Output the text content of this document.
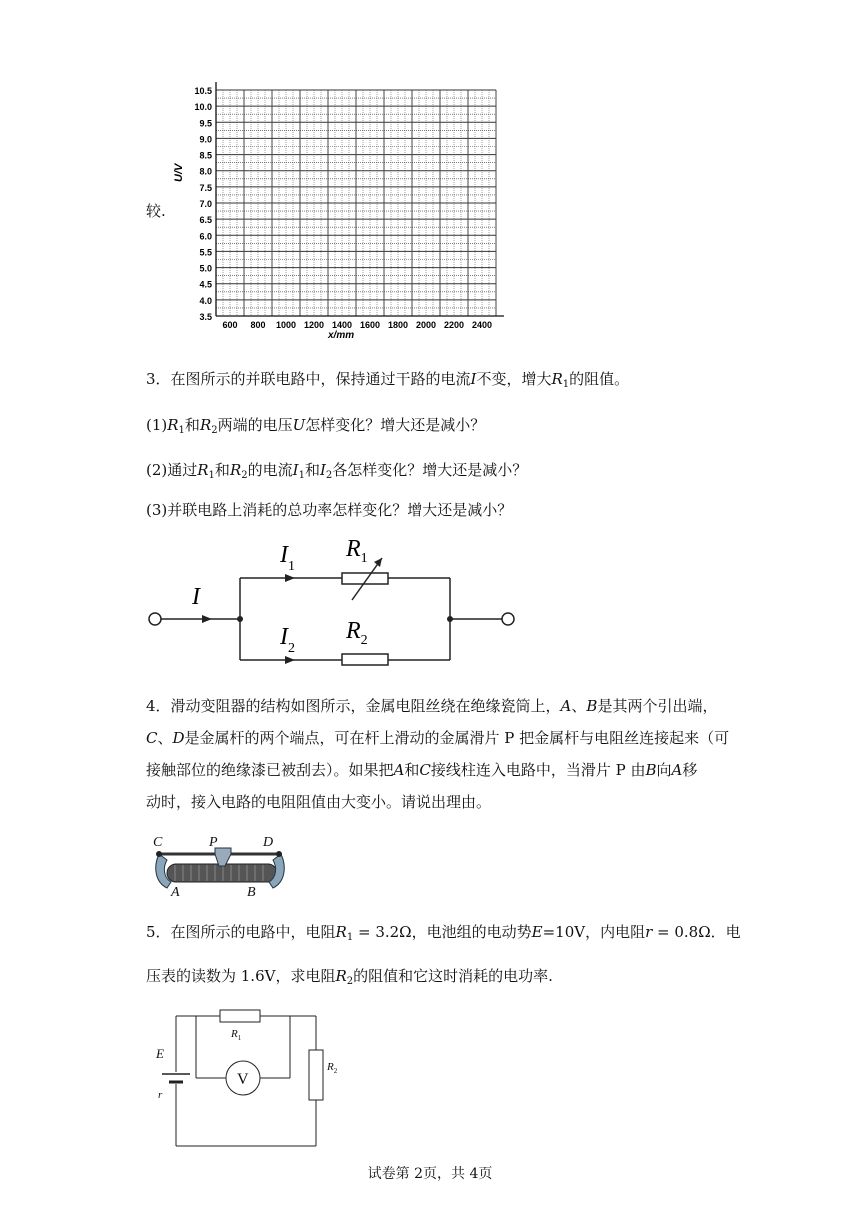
较.
10.5
10.0
9.5
9.0
8.5
8.0
7.5
7.0
6.5
6.0
5.5
5.0
4.5
4.0
3.5
600 800 1000 1200 1400 1600 1800 2000 2200 2400
U/V
x/mm
3．在图所示的并联电路中，保持通过干路的电流I不变，增大$R_1$的阻值。
$(1)R_1$和$R_2$两端的电压U怎样变化？增大还是减小？
(2)通过$R_1$和$R_2$的电流$I_1$和$I_2$各怎样变化？增大还是减小？
(3)并联电路上消耗的总功率怎样变化？增大还是减小？
I
$I_1$
$I_2$
$R_1$
$R_2$
4．滑动变阻器的结构如图所示，金属电阻丝绕在绝缘瓷筒上，A、B是其两个引出端，
C、D是金属杆的两个端点，可在杆上滑动的金属滑片 P 把金属杆与电阻丝连接起来（可
接触部位的绝缘漆已被刮去）。如果把A和C接线柱连入电路中，当滑片 P 由B向A移
动时，接入电路的电阻阻值由大变小。请说出理由。
C	P	D
A	B
5．在图所示的电路中，电阻$R_1 = 3.2\Omega$，电池组的电动势E=10V，内电阻r = 0.8Ω．电
压表的读数为 1.6V，求电阻$R_2$的阻值和它这时消耗的电功率.
$R_1$
$R_2$
E
r
V
试卷第 2页，共 4页
